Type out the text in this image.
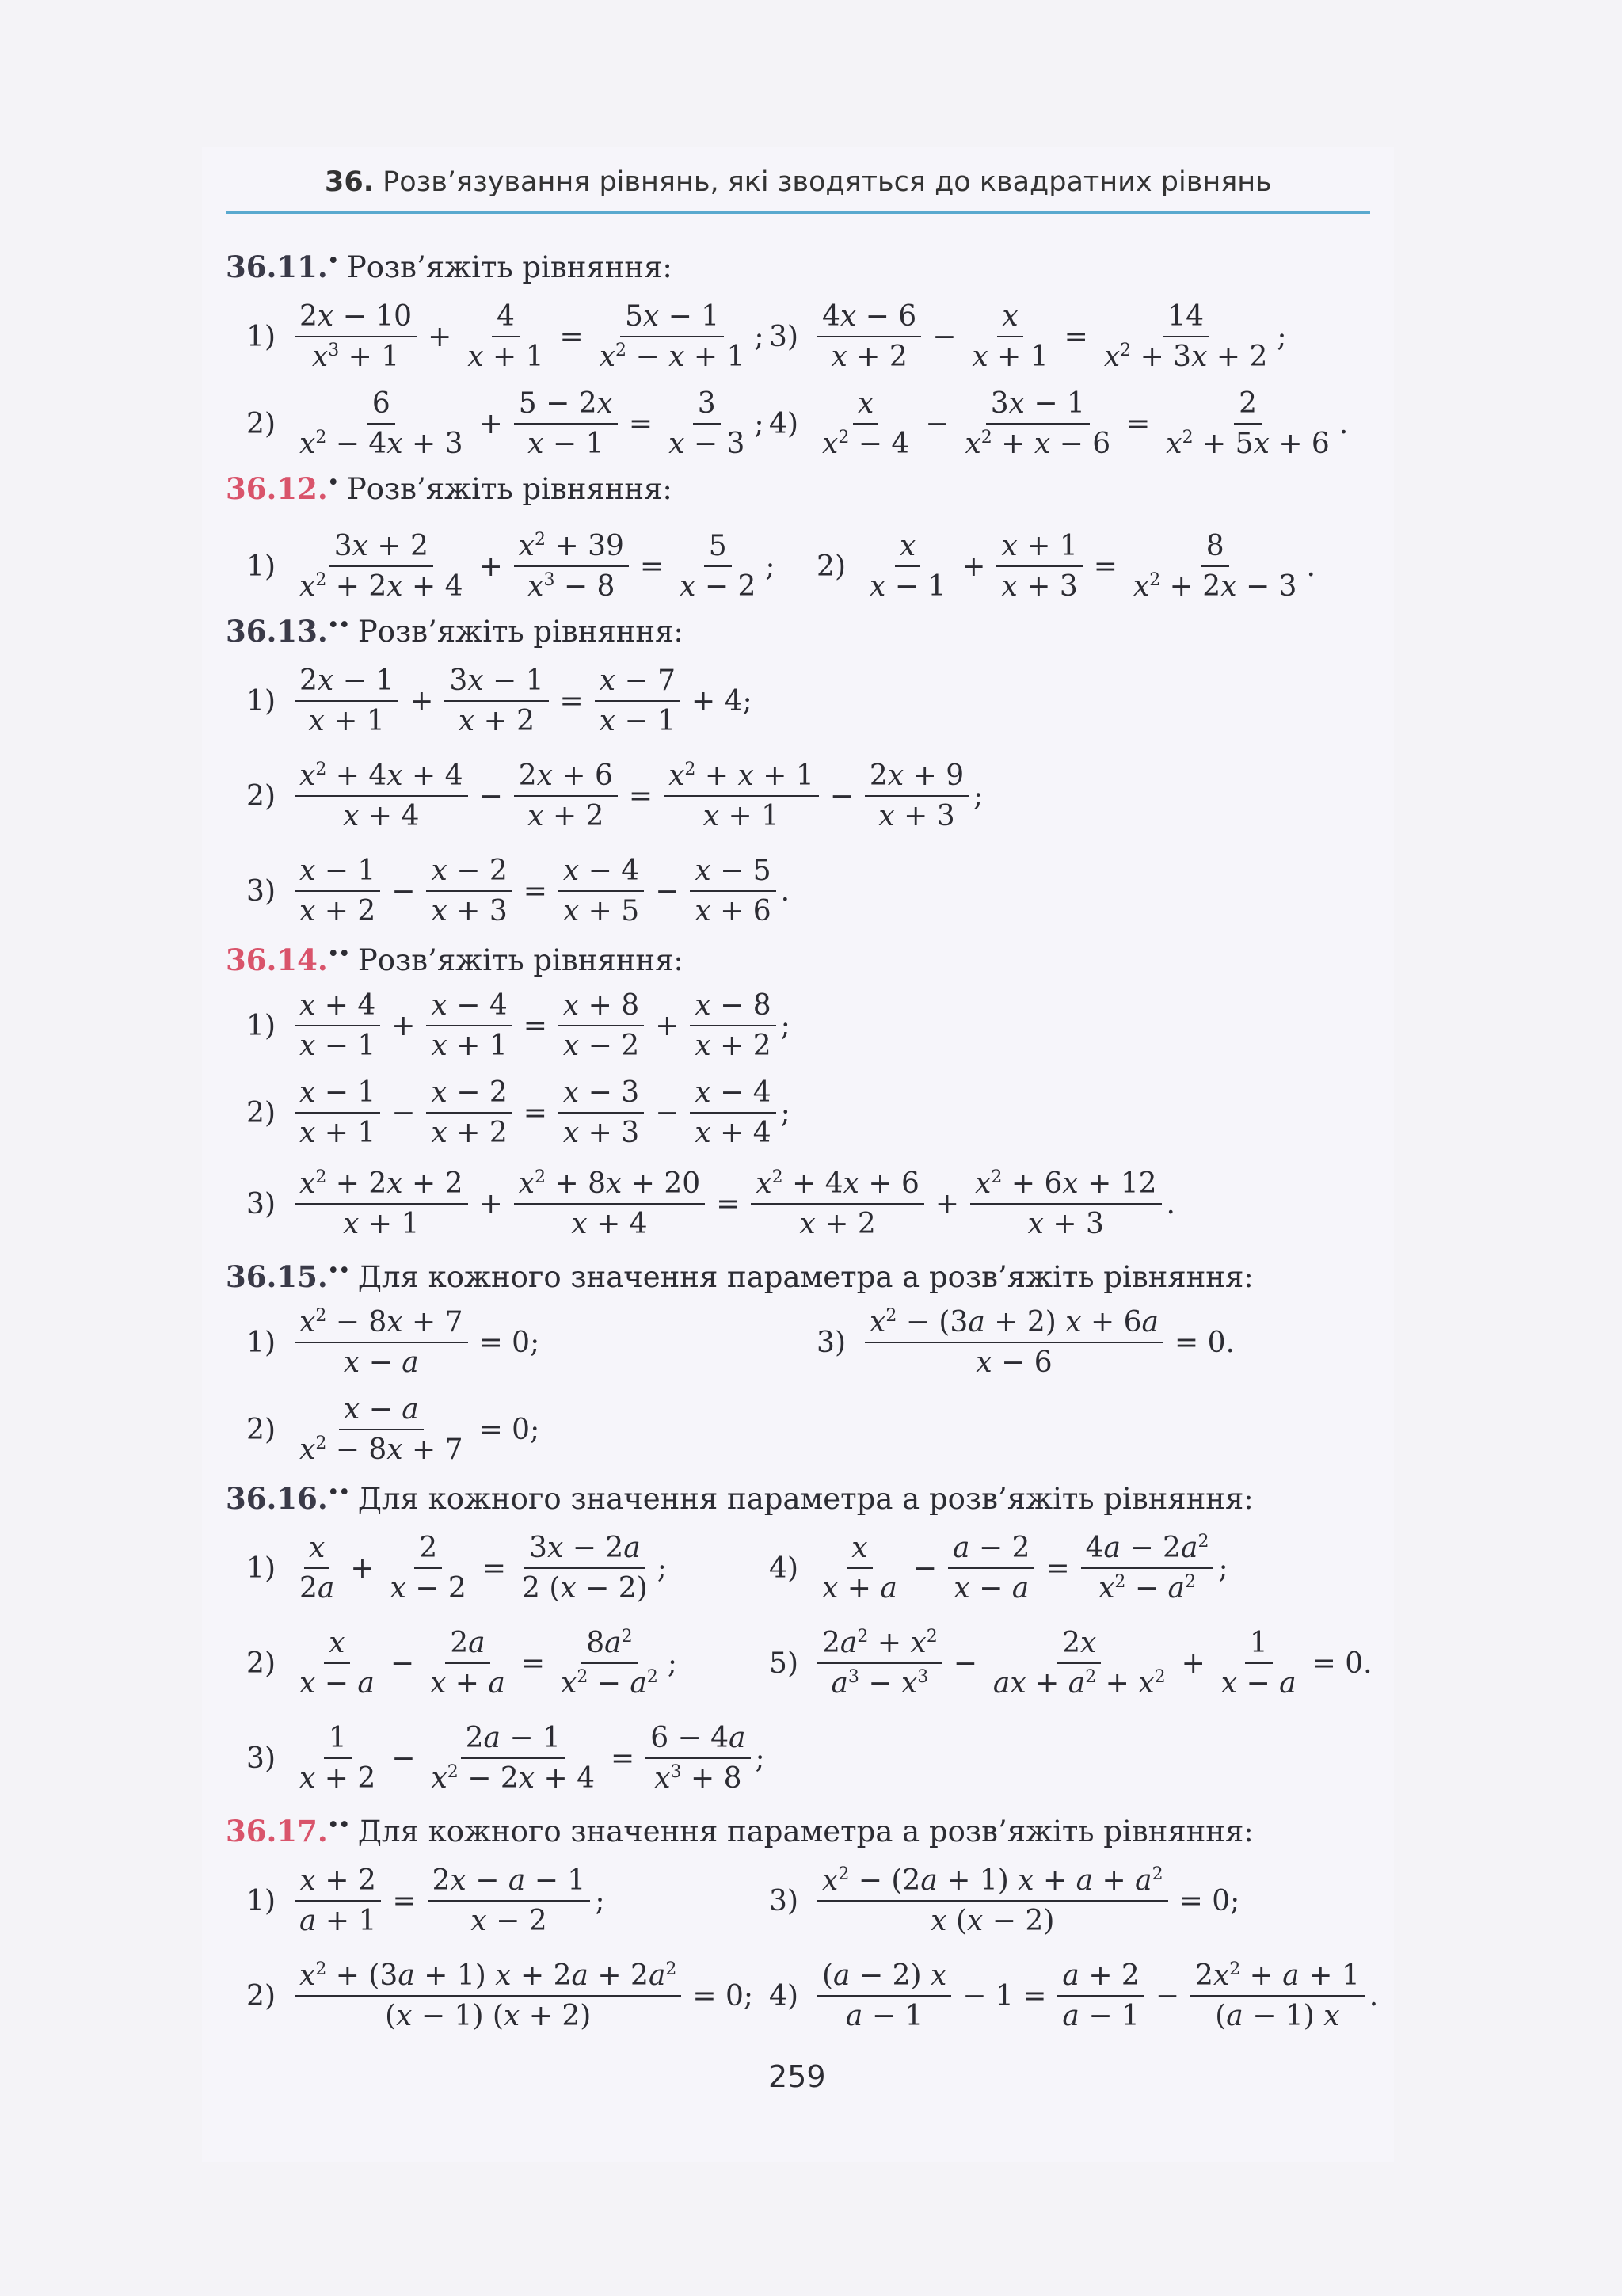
36. Розв’язування рівнянь, які зводяться до квадратних рівнянь
36.11.• Розв’яжіть рівняння:
1)
2x − 10
$x^3 + 1$
+ $\frac{4}{x + 1} = \frac{5x - 1}{x^2 - x + 1}$ ; 3)
4x − 6
x + 2
− $\frac{x}{x + 1} = \frac{14}{x^2 + 3x + 2}$ ;
2)
6
$x^2 - 4x + 3$
+ $\frac{5 - 2x}{x - 1} = \frac{3}{x - 3}$ ; 4)
x
$x^2 - 4$
− $\frac{3x - 1}{x^2 + x - 6} = \frac{2}{x^2 + 5x + 6}$ .
36.12.• Розв’яжіть рівняння:
1)
3x + 2
$x^2 + 2x + 4$
+ $\frac{x^2 + 39}{x^3 - 8} = \frac{5}{x - 2}$ ;	2)
x
x − 1
+ $\frac{x + 1}{x + 3} = \frac{8}{x^2 + 2x - 3}$ .
36.13.•• Розв’яжіть рівняння:
1)
2x − 1
x + 1
+ $\frac{3x - 1}{x + 2} = \frac{x - 7}{x - 1} + 4$;
2)
$x^2 + 4x + 4$
x + 4
− $\frac{2x + 6}{x + 2} = \frac{x^2 + x + 1}{x + 1} - \frac{2x + 9}{x + 3}$ ;
3)
x − 1
x + 2
− $\frac{x - 2}{x + 3} = \frac{x - 4}{x + 5} - \frac{x - 5}{x + 6}$ .
36.14.•• Розв’яжіть рівняння:
1)
x + 4
x − 1
+ $\frac{x - 4}{x + 1} = \frac{x + 8}{x - 2} + \frac{x - 8}{x + 2}$ ;
2)
x − 1
x + 1
− $\frac{x - 2}{x + 2} = \frac{x - 3}{x + 3} - \frac{x - 4}{x + 4}$ ;
3)
$x^2 + 2x + 2$
x + 1
+ $\frac{x^2 + 8x + 20}{x + 4} = \frac{x^2 + 4x + 6}{x + 2} + \frac{x^2 + 6x + 12}{x + 3}$ .
36.15.•• Для кожного значення параметра a розв’яжіть рівняння:
$1) \frac{x^2 - 8x + 7}{x - a} = 0$;	$3) \frac{x^2 - (3a + 2) x + 6a}{x - 6} = 0$.
$2) \frac{x - a}{x^2 - 8x + 7} = 0$;
36.16.•• Для кожного значення параметра a розв’яжіть рівняння:
1)
x
2a
+ $\frac{2}{x - 2} = \frac{3x - 2a}{2 (x - 2)}$ ;	4)
x
x + a
− $\frac{a - 2}{x - a} = \frac{4a - 2a^2}{x^2 - a^2}$ ;
2)
x
x − a
− $\frac{2a}{x + a} = \frac{8a^2}{x^2 - a^2}$ ;	5)
$2a^2 + x^2$
$a^3 - x^3 - \frac{2x}{ax + a^2 + x^2} + \frac{1}{x - a} = 0$.
3)
1
x + 2
− $\frac{2a - 1}{x^2 - 2x + 4} = \frac{6 - 4a}{x^3 + 8}$ ;
36.17.•• Для кожного значення параметра a розв’яжіть рівняння:
$1) \frac{x + 2}{a + 1} = \frac{2x - a - 1}{x - 2}$ ;	$3) \frac{x^2 - (2a + 1) x + a + a^2}{x (x - 2)} = 0$;
$2) \frac{x^2 + (3a + 1) x + 2a + 2a^2}{(x - 1) (x + 2)} = 0$; 4)
(a − 2) x
a − 1
− $1 = \frac{a + 2}{a - 1} - \frac{2x^2 + a + 1}{(a - 1) x}$ .
259
